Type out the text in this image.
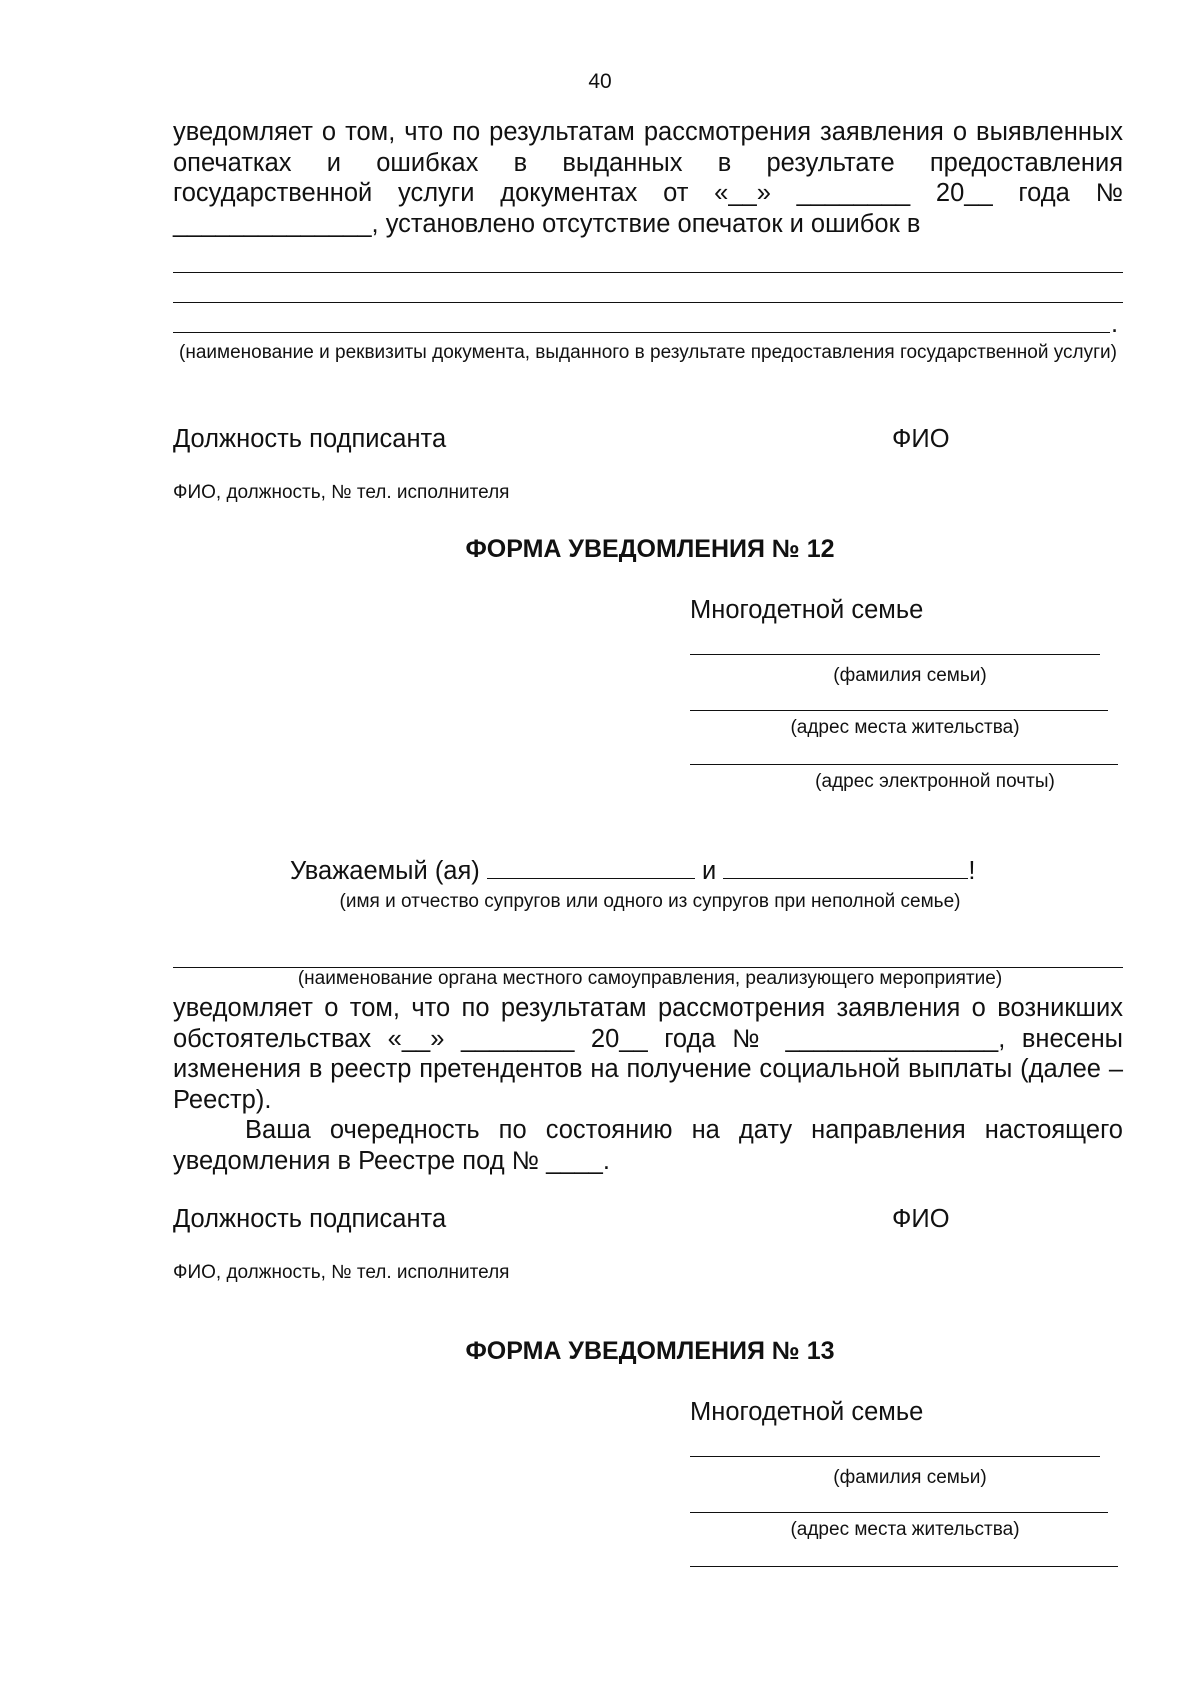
40

уведомляет о том, что по результатам рассмотрения заявления о выявленных опечатках и ошибках в выданных в результате предоставления государственной услуги документах от «__» ________ 20__ года № ______________, установлено отсутствие опечаток и ошибок в

.
(наименование и реквизиты документа, выданного в результате предоставления государственной услуги)
Должность подписанта	ФИО
ФИО, должность, № тел. исполнителя
ФОРМА УВЕДОМЛЕНИЯ № 12
Многодетной семье
(фамилия семьи)
(адрес места жительства)
(адрес электронной почты)
Уважаемый (ая)	и	!
(имя и отчество супругов или одного из супругов при неполной семье)
(наименование органа местного самоуправления, реализующего мероприятие)

уведомляет о том, что по результатам рассмотрения заявления о возникших обстоятельствах «__» ________ 20__ года № _______________, внесены изменения в реестр претендентов на получение социальной выплаты (далее – Реестр).

Ваша очередность по состоянию на дату направления настоящего уведомления в Реестре под № ____.

Должность подписанта	ФИО
ФИО, должность, № тел. исполнителя
ФОРМА УВЕДОМЛЕНИЯ № 13
Многодетной семье
(фамилия семьи)
(адрес места жительства)
